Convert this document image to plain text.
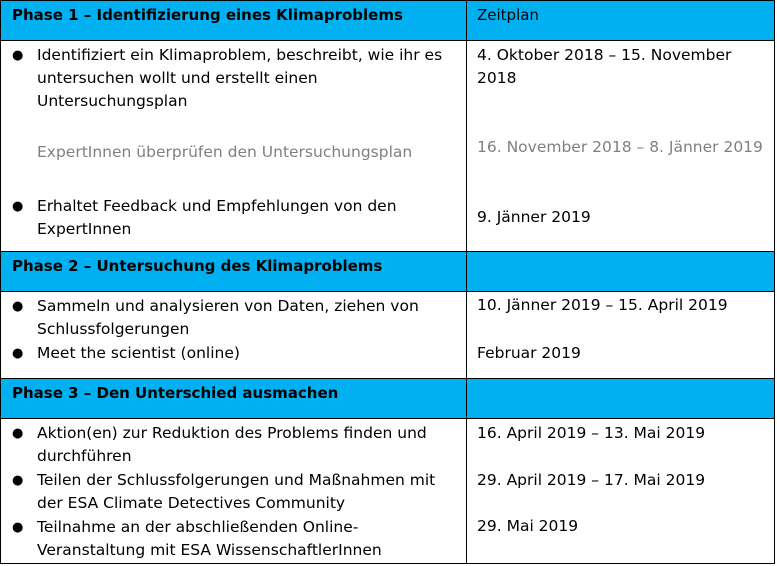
Phase 1 – Identifizierung eines Klimaproblems	Zeitplan
● Identifiziert ein Klimaproblem, beschreibt, wie ihr es untersuchen wollt und erstellt einen Untersuchungsplan
ExpertInnen überprüfen den Untersuchungsplan
● Erhaltet Feedback und Empfehlungen von den ExpertInnen
4. Oktober 2018 – 15. November 2018
16. November 2018 – 8. Jänner 2019
9. Jänner 2019
Phase 2 – Untersuchung des Klimaproblems
● Sammeln und analysieren von Daten, ziehen von Schlussfolgerungen
● Meet the scientist (online)
10. Jänner 2019 – 15. April 2019
Februar 2019
Phase 3 – Den Unterschied ausmachen
● Aktion(en) zur Reduktion des Problems finden und durchführen
● Teilen der Schlussfolgerungen und Maßnahmen mit der ESA Climate Detectives Community
● Teilnahme an der abschließenden Online-Veranstaltung mit ESA WissenschaftlerInnen
16. April 2019 – 13. Mai 2019
29. April 2019 – 17. Mai 2019
29. Mai 2019
